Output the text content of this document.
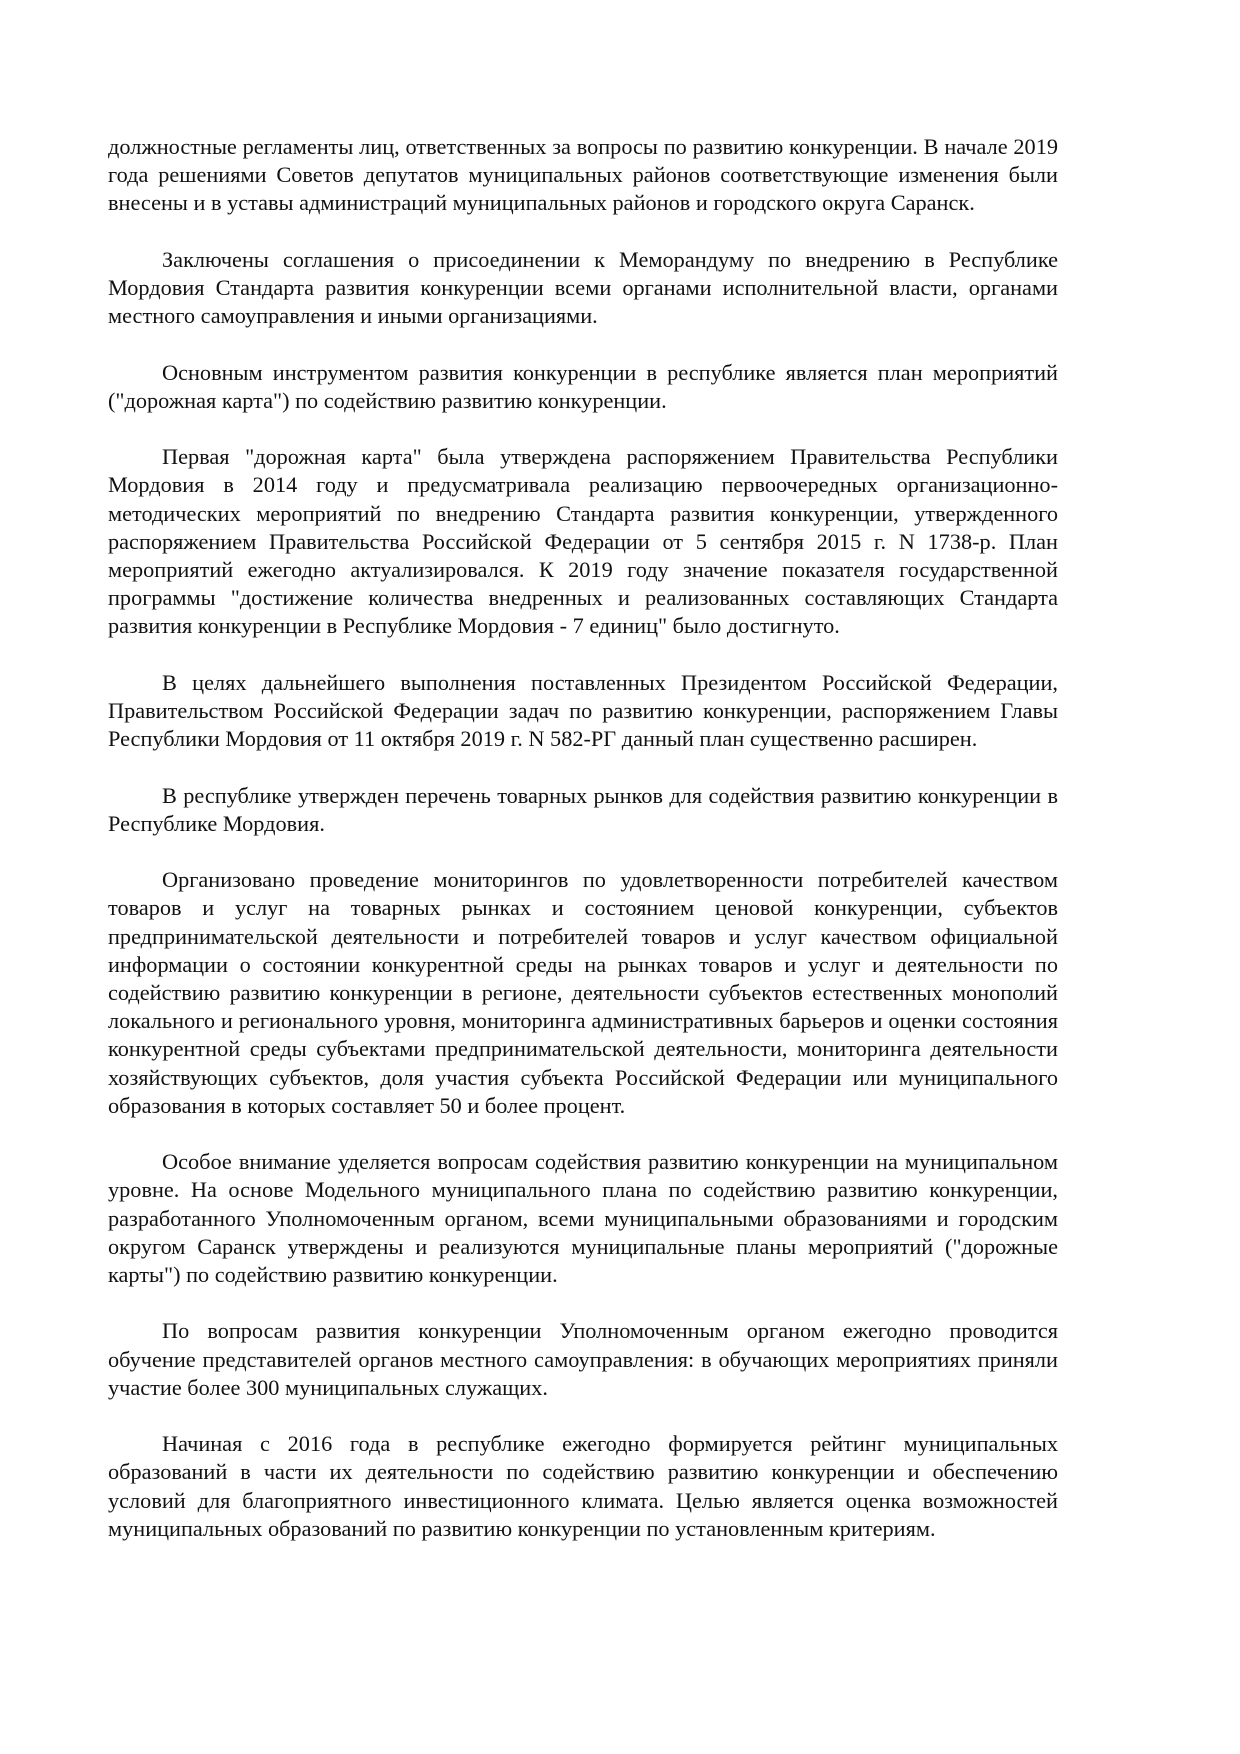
должностные регламенты лиц, ответственных за вопросы по развитию конкуренции. В начале 2019 года решениями Советов депутатов муниципальных районов соответствующие изменения были внесены и в уставы администраций муниципальных районов и городского округа Саранск.

Заключены соглашения о присоединении к Меморандуму по внедрению в Республике Мордовия Стандарта развития конкуренции всеми органами исполнительной власти, органами местного самоуправления и иными организациями.

Основным инструментом развития конкуренции в республике является план мероприятий ("дорожная карта") по содействию развитию конкуренции.

Первая "дорожная карта" была утверждена распоряжением Правительства Республики Мордовия в 2014 году и предусматривала реализацию первоочередных организационно-методических мероприятий по внедрению Стандарта развития конкуренции, утвержденного распоряжением Правительства Российской Федерации от 5 сентября 2015 г. N 1738-р. План мероприятий ежегодно актуализировался. К 2019 году значение показателя государственной программы "достижение количества внедренных и реализованных составляющих Стандарта развития конкуренции в Республике Мордовия - 7 единиц" было достигнуто.

В целях дальнейшего выполнения поставленных Президентом Российской Федерации, Правительством Российской Федерации задач по развитию конкуренции, распоряжением Главы Республики Мордовия от 11 октября 2019 г. N 582-РГ данный план существенно расширен.

В республике утвержден перечень товарных рынков для содействия развитию конкуренции в Республике Мордовия.

Организовано проведение мониторингов по удовлетворенности потребителей качеством товаров и услуг на товарных рынках и состоянием ценовой конкуренции, субъектов предпринимательской деятельности и потребителей товаров и услуг качеством официальной информации о состоянии конкурентной среды на рынках товаров и услуг и деятельности по содействию развитию конкуренции в регионе, деятельности субъектов естественных монополий локального и регионального уровня, мониторинга административных барьеров и оценки состояния конкурентной среды субъектами предпринимательской деятельности, мониторинга деятельности хозяйствующих субъектов, доля участия субъекта Российской Федерации или муниципального образования в которых составляет 50 и более процент.

Особое внимание уделяется вопросам содействия развитию конкуренции на муниципальном уровне. На основе Модельного муниципального плана по содействию развитию конкуренции, разработанного Уполномоченным органом, всеми муниципальными образованиями и городским округом Саранск утверждены и реализуются муниципальные планы мероприятий ("дорожные карты") по содействию развитию конкуренции.

По вопросам развития конкуренции Уполномоченным органом ежегодно проводится обучение представителей органов местного самоуправления: в обучающих мероприятиях приняли участие более 300 муниципальных служащих.

Начиная с 2016 года в республике ежегодно формируется рейтинг муниципальных образований в части их деятельности по содействию развитию конкуренции и обеспечению условий для благоприятного инвестиционного климата. Целью является оценка возможностей муниципальных образований по развитию конкуренции по установленным критериям.
